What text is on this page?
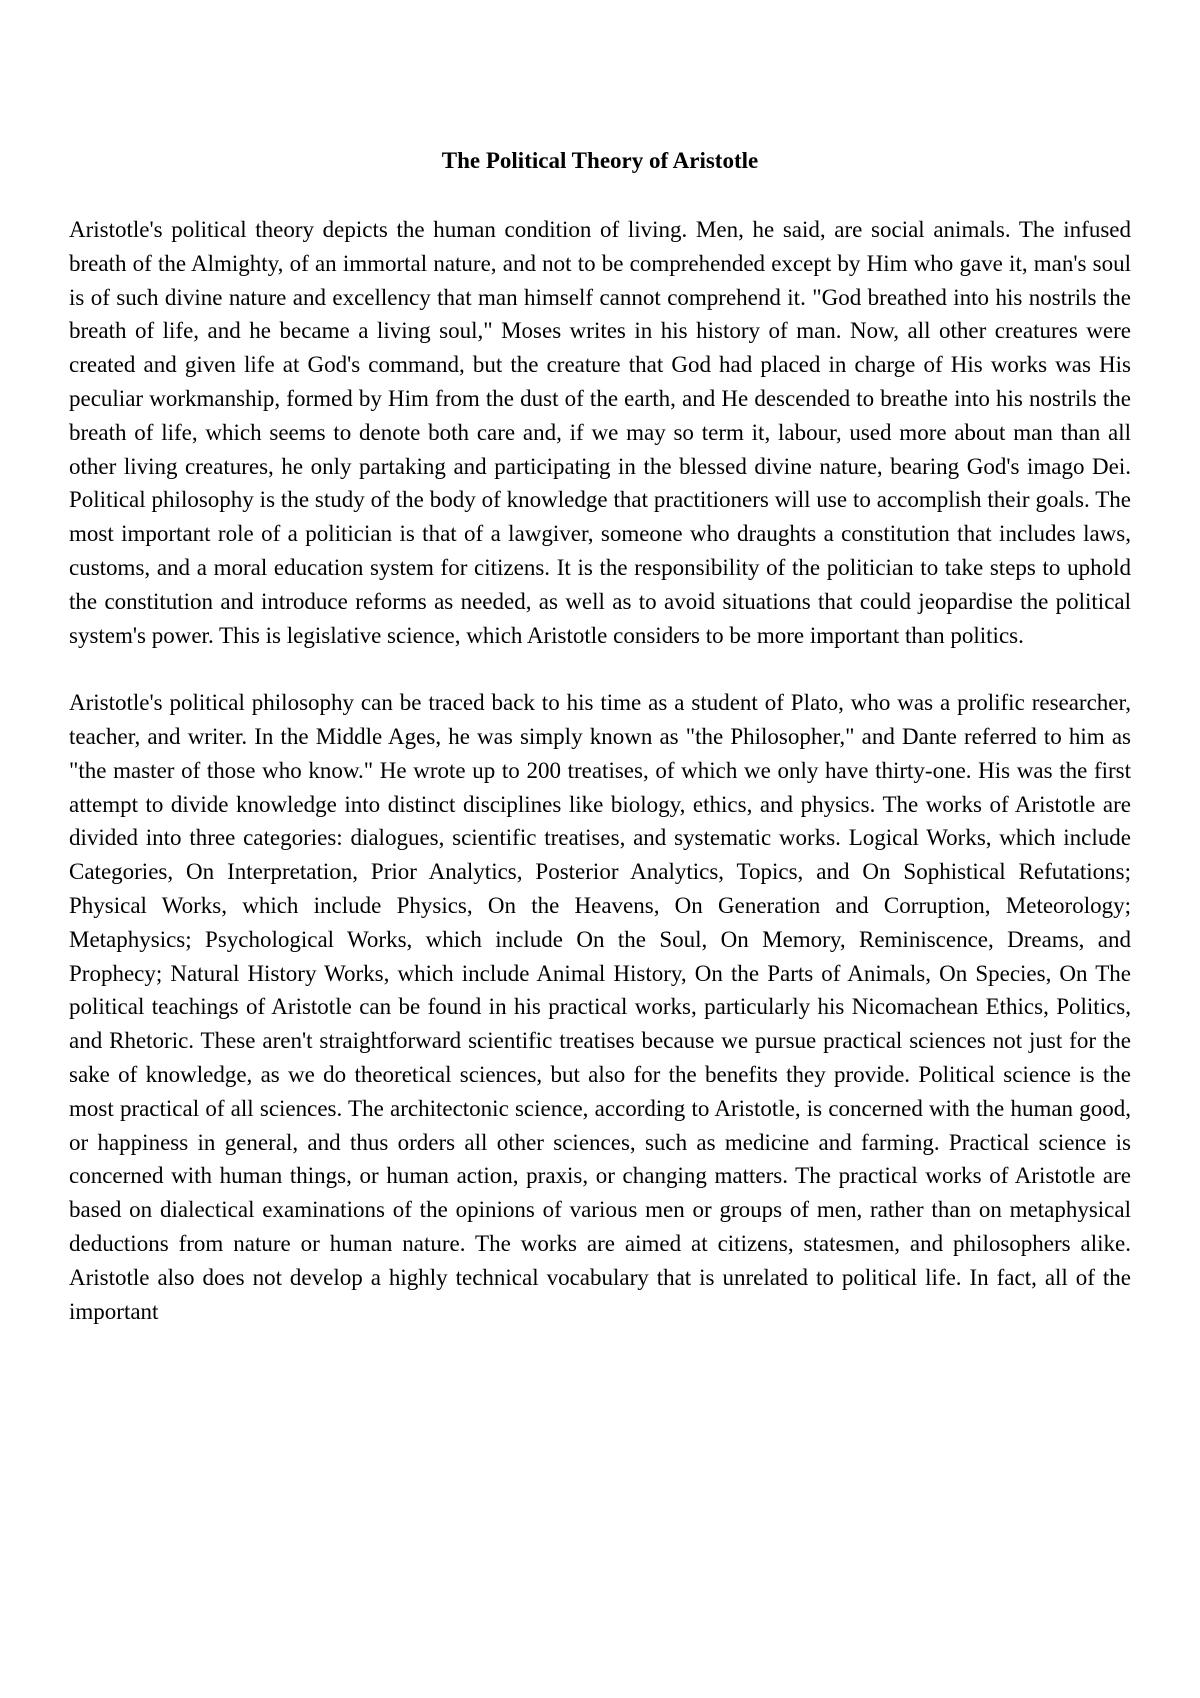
The Political Theory of Aristotle

Aristotle's political theory depicts the human condition of living. Men, he said, are social animals. The infused breath of the Almighty, of an immortal nature, and not to be comprehended except by Him who gave it, man's soul is of such divine nature and excellency that man himself cannot comprehend it. "God breathed into his nostrils the breath of life, and he became a living soul," Moses writes in his history of man. Now, all other creatures were created and given life at God's command, but the creature that God had placed in charge of His works was His peculiar workmanship, formed by Him from the dust of the earth, and He descended to breathe into his nostrils the breath of life, which seems to denote both care and, if we may so term it, labour, used more about man than all other living creatures, he only partaking and participating in the blessed divine nature, bearing God's imago Dei. Political philosophy is the study of the body of knowledge that practitioners will use to accomplish their goals. The most important role of a politician is that of a lawgiver, someone who draughts a constitution that includes laws, customs, and a moral education system for citizens. It is the responsibility of the politician to take steps to uphold the constitution and introduce reforms as needed, as well as to avoid situations that could jeopardise the political system's power. This is legislative science, which Aristotle considers to be more important than politics.

Aristotle's political philosophy can be traced back to his time as a student of Plato, who was a prolific researcher, teacher, and writer. In the Middle Ages, he was simply known as "the Philosopher," and Dante referred to him as "the master of those who know." He wrote up to 200 treatises, of which we only have thirty-one. His was the first attempt to divide knowledge into distinct disciplines like biology, ethics, and physics. The works of Aristotle are divided into three categories: dialogues, scientific treatises, and systematic works. Logical Works, which include Categories, On Interpretation, Prior Analytics, Posterior Analytics, Topics, and On Sophistical Refutations; Physical Works, which include Physics, On the Heavens, On Generation and Corruption, Meteorology; Metaphysics; Psychological Works, which include On the Soul, On Memory, Reminiscence, Dreams, and Prophecy; Natural History Works, which include Animal History, On the Parts of Animals, On Species, On The political teachings of Aristotle can be found in his practical works, particularly his Nicomachean Ethics, Politics, and Rhetoric. These aren't straightforward scientific treatises because we pursue practical sciences not just for the sake of knowledge, as we do theoretical sciences, but also for the benefits they provide. Political science is the most practical of all sciences. The architectonic science, according to Aristotle, is concerned with the human good, or happiness in general, and thus orders all other sciences, such as medicine and farming. Practical science is concerned with human things, or human action, praxis, or changing matters. The practical works of Aristotle are based on dialectical examinations of the opinions of various men or groups of men, rather than on metaphysical deductions from nature or human nature. The works are aimed at citizens, statesmen, and philosophers alike. Aristotle also does not develop a highly technical vocabulary that is unrelated to political life. In fact, all of the important
